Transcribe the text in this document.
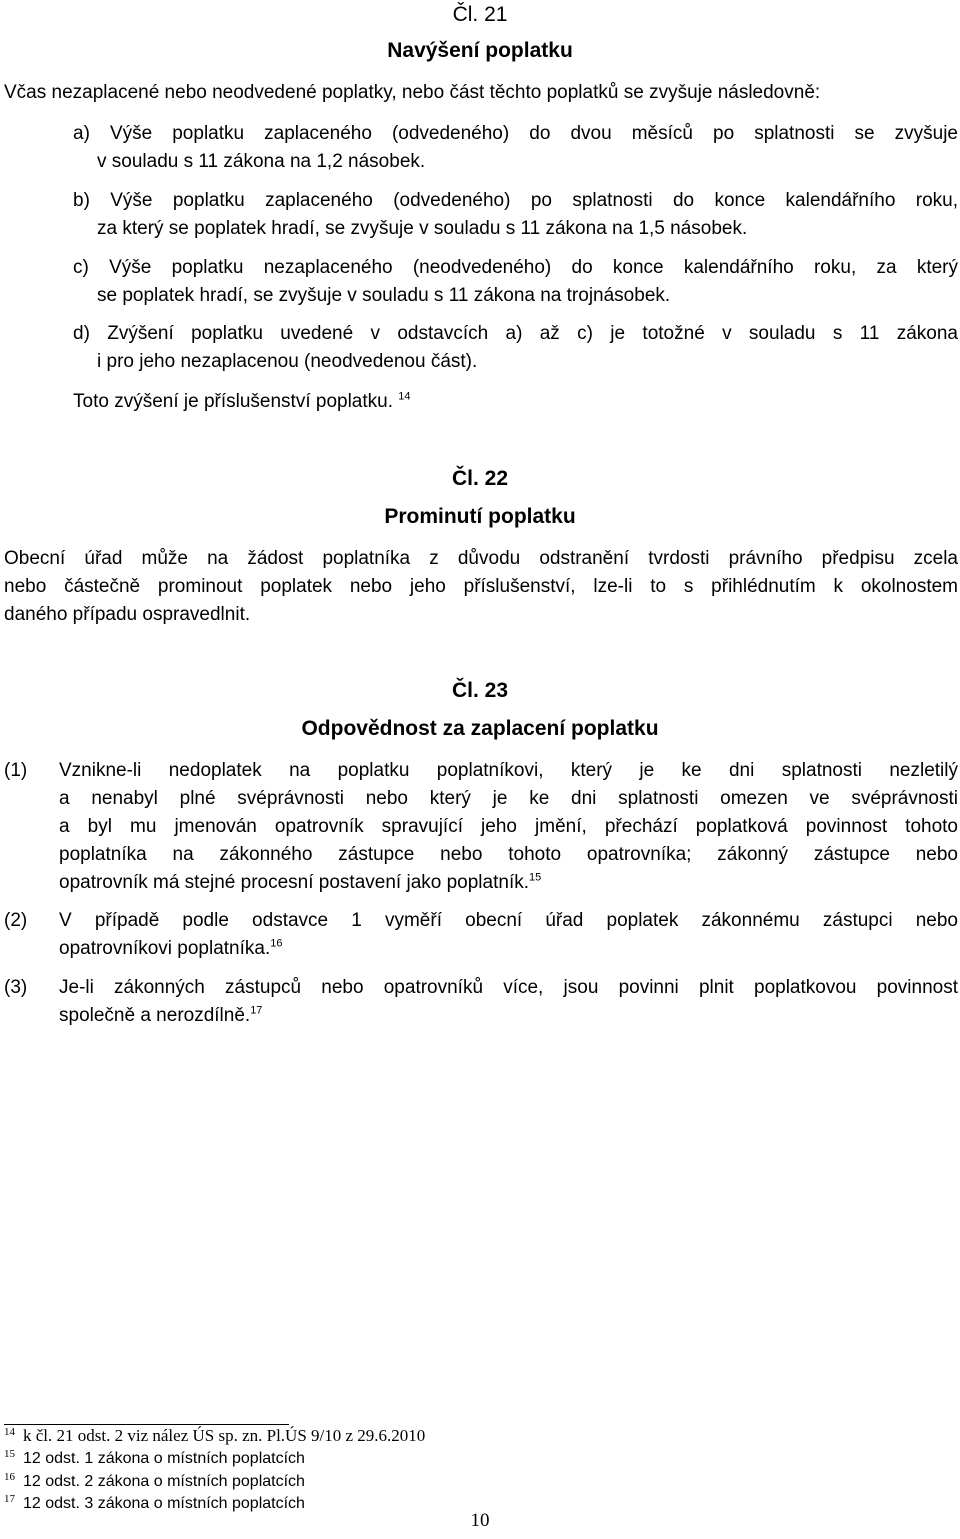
Čl. 21
Navýšení poplatku
Včas nezaplacené nebo neodvedené poplatky, nebo část těchto poplatků se zvyšuje následovně:
a) Výše poplatku zaplaceného (odvedeného) do dvou měsíců po splatnosti se zvyšuje
v souladu s 11 zákona na 1,2 násobek.
b) Výše poplatku zaplaceného (odvedeného) po splatnosti do konce kalendářního roku,
za který se poplatek hradí, se zvyšuje v souladu s 11 zákona na 1,5 násobek.
c) Výše poplatku nezaplaceného (neodvedeného) do konce kalendářního roku, za který
se poplatek hradí, se zvyšuje v souladu s 11 zákona na trojnásobek.
d) Zvýšení poplatku uvedené v odstavcích a) až c) je totožné v souladu s 11 zákona
i pro jeho nezaplacenou (neodvedenou část).
Toto zvýšení je příslušenství poplatku. $^{14}$
Čl. 22
Prominutí poplatku
Obecní úřad může na žádost poplatníka z důvodu odstranění tvrdosti právního předpisu zcela
nebo částečně prominout poplatek nebo jeho příslušenství, lze-li to s přihlédnutím k okolnostem
daného případu ospravedlnit.
Čl. 23
Odpovědnost za zaplacení poplatku
(1) Vznikne-li nedoplatek na poplatku poplatníkovi, který je ke dni splatnosti nezletilý
a nenabyl plné svéprávnosti nebo který je ke dni splatnosti omezen ve svéprávnosti
a byl mu jmenován opatrovník spravující jeho jmění, přechází poplatková povinnost tohoto
poplatníka na zákonného zástupce nebo tohoto opatrovníka; zákonný zástupce nebo
opatrovník má stejné procesní postavení jako poplatník.$^{15}$
(2) V případě podle odstavce 1 vyměří obecní úřad poplatek zákonnému zástupci nebo
opatrovníkovi poplatníka.$^{16}$
(3) Je-li zákonných zástupců nebo opatrovníků více, jsou povinni plnit poplatkovou povinnost
společně a nerozdílně.$^{17}$
$^{14}$ k čl. 21 odst. 2 viz nález ÚS sp. zn. Pl.ÚS 9/10 z 29.6.2010
$^{15}$ 12 odst. 1 zákona o místních poplatcích
$^{16}$ 12 odst. 2 zákona o místních poplatcích
$^{17}$ 12 odst. 3 zákona o místních poplatcích
10
